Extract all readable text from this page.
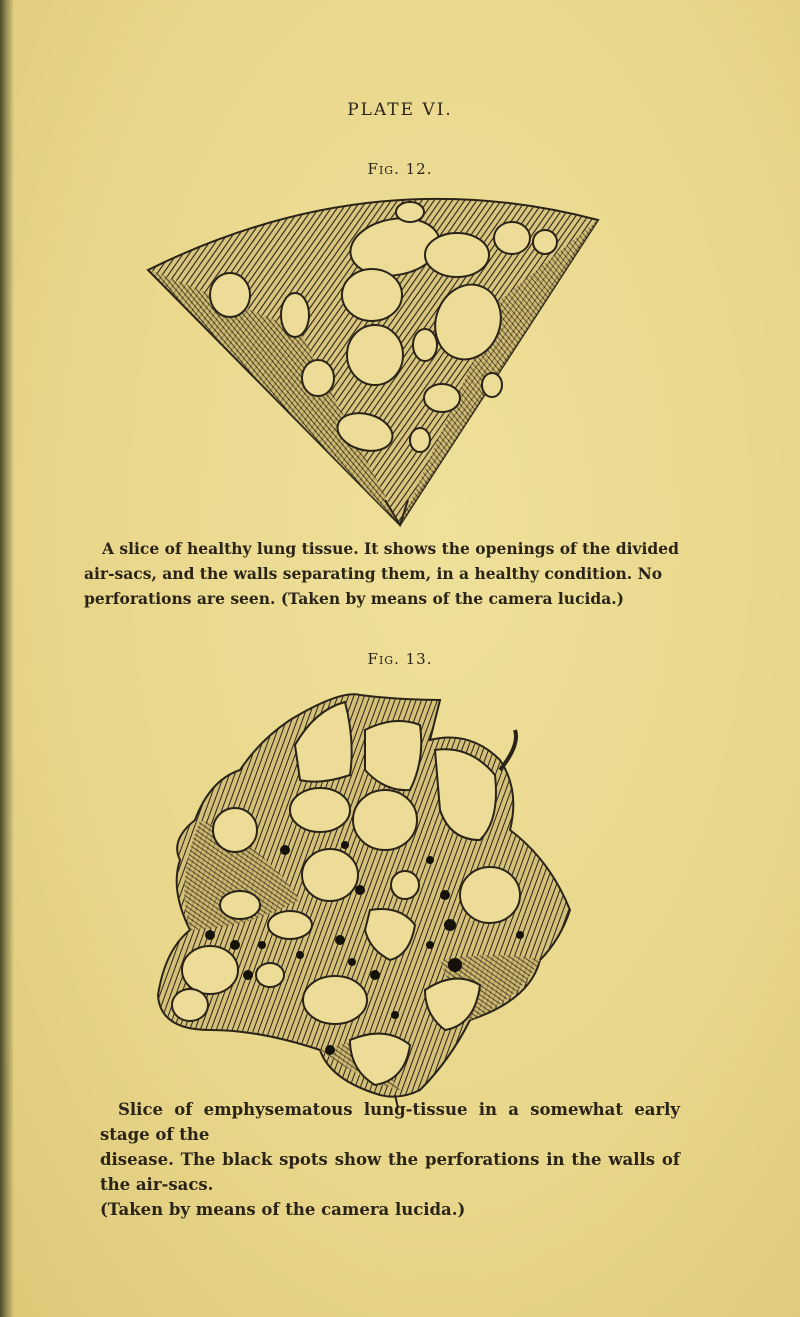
PLATE VI.
Fig. 12.
A slice of healthy lung tissue. It shows the openings of the divided
air-sacs, and the walls separating them, in a healthy condition. No
perforations are seen. (Taken by means of the camera lucida.)
Fig. 13.
Slice of emphysematous lung-tissue in a somewhat early stage of the
disease. The black spots show the perforations in the walls of the air-sacs.
(Taken by means of the camera lucida.)
